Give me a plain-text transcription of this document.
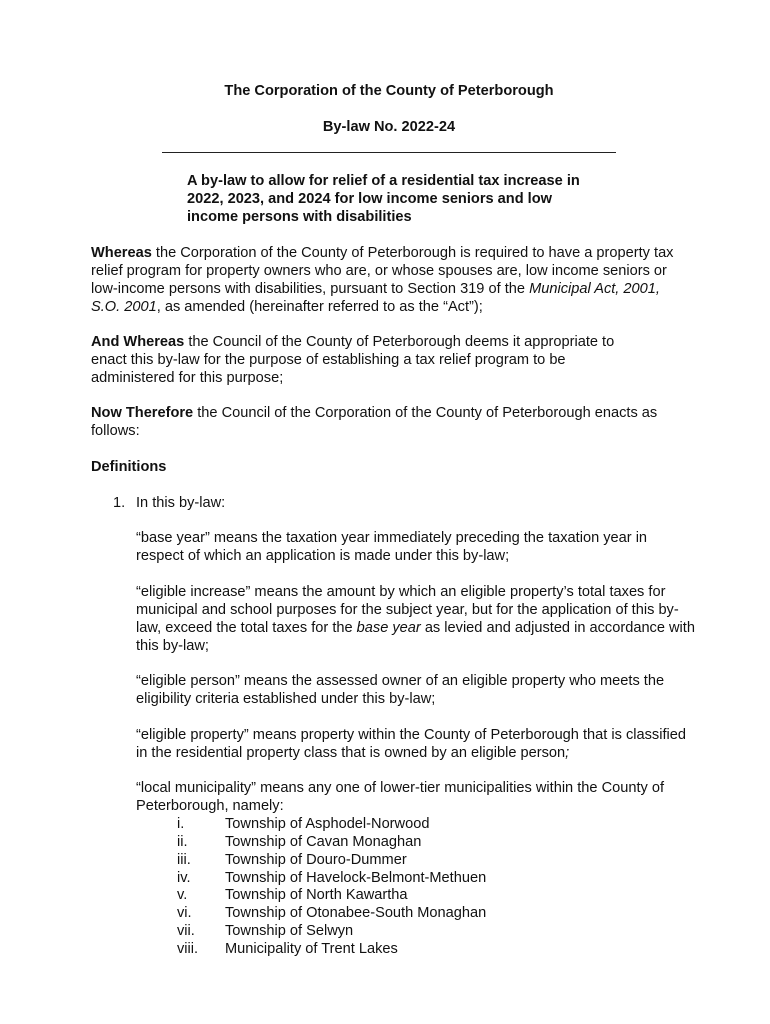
The Corporation of the County of Peterborough
By-law No. 2022-24

A by-law to allow for relief of a residential tax increase in 2022, 2023, and 2024 for low income seniors and low income persons with disabilities

Whereas the Corporation of the County of Peterborough is required to have a property tax relief program for property owners who are, or whose spouses are, low income seniors or low-income persons with disabilities, pursuant to Section 319 of the Municipal Act, 2001, S.O. 2001, as amended (hereinafter referred to as the “Act”);

And Whereas the Council of the County of Peterborough deems it appropriate to enact this by-law for the purpose of establishing a tax relief program to be administered for this purpose;

Now Therefore the Council of the Corporation of the County of Peterborough enacts as follows:

Definitions
1. In this by-law:

“base year” means the taxation year immediately preceding the taxation year in respect of which an application is made under this by-law;

“eligible increase” means the amount by which an eligible property’s total taxes for municipal and school purposes for the subject year, but for the application of this by-law, exceed the total taxes for the base year as levied and adjusted in accordance with this by-law;

“eligible person” means the assessed owner of an eligible property who meets the eligibility criteria established under this by-law;

“eligible property” means property within the County of Peterborough that is classified in the residential property class that is owned by an eligible person;

“local municipality” means any one of lower-tier municipalities within the County of Peterborough, namely:

i.	Township of Asphodel-Norwood
ii.	Township of Cavan Monaghan
iii. Township of Douro-Dummer
iv. Township of Havelock-Belmont-Methuen
v.	Township of North Kawartha
vi. Township of Otonabee-South Monaghan
vii. Township of Selwyn
viii. Municipality of Trent Lakes
